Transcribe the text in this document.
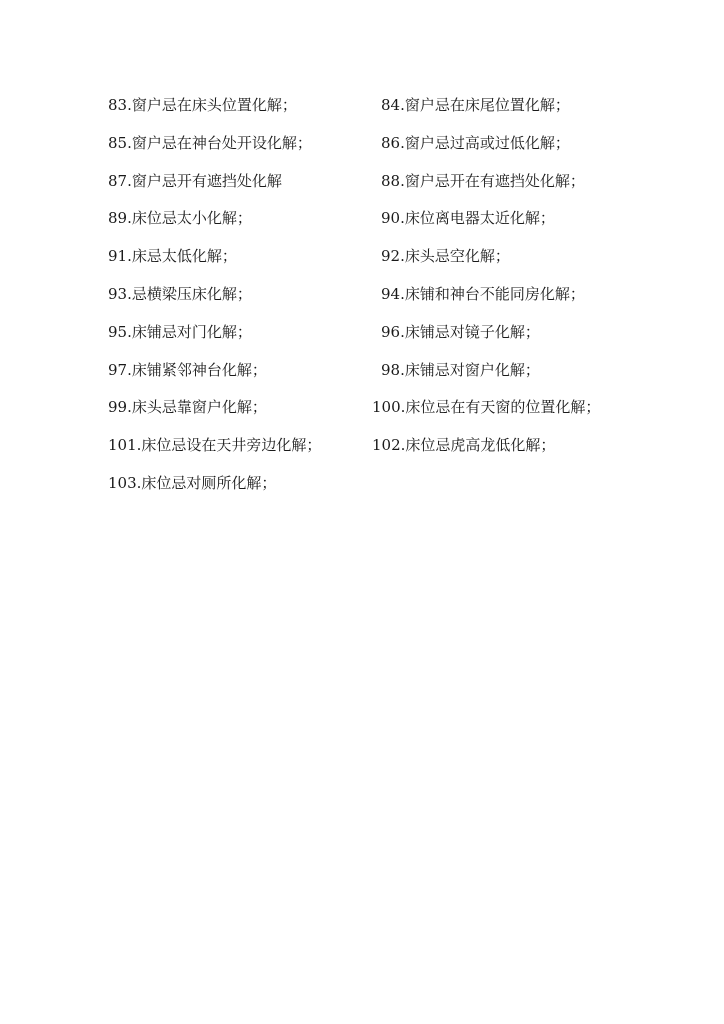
83.窗户忌在床头位置化解；	84.窗户忌在床尾位置化解；
85.窗户忌在神台处开设化解；	86.窗户忌过高或过低化解；
87.窗户忌开有遮挡处化解	88.窗户忌开在有遮挡处化解；
89.床位忌太小化解；	90.床位离电器太近化解；
91.床忌太低化解；	92.床头忌空化解；
93.忌横梁压床化解；	94.床铺和神台不能同房化解；
95.床铺忌对门化解；	96.床铺忌对镜子化解；
97.床铺紧邻神台化解；	98.床铺忌对窗户化解；
99.床头忌靠窗户化解；	100.床位忌在有天窗的位置化解；
101.床位忌设在天井旁边化解；	102.床位忌虎高龙低化解；
103.床位忌对厕所化解；
